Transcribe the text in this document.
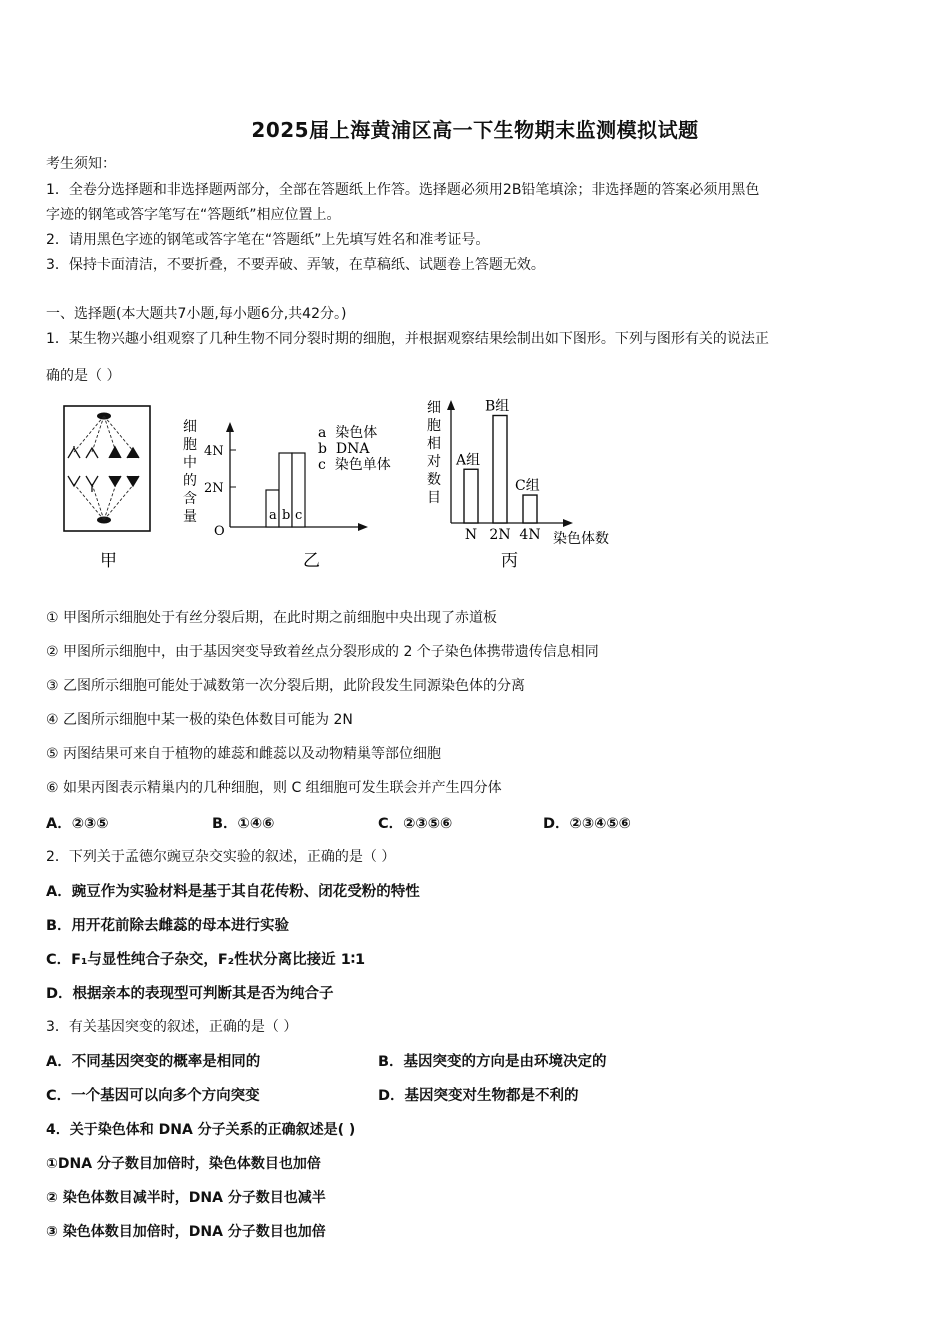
2025届上海黄浦区高一下生物期末监测模拟试题
考生须知：
1．全卷分选择题和非选择题两部分，全部在答题纸上作答。选择题必须用2B铅笔填涂；非选择题的答案必须用黑色
字迹的钢笔或答字笔写在“答题纸”相应位置上。
2．请用黑色字迹的钢笔或答字笔在“答题纸”上先填写姓名和准考证号。
3．保持卡面清洁，不要折叠，不要弄破、弄皱，在草稿纸、试题卷上答题无效。
一、选择题(本大题共7小题,每小题6分,共42分。)
1．某生物兴趣小组观察了几种生物不同分裂时期的细胞，并根据观察结果绘制出如下图形。下列与图形有关的说法正
确的是（ ）
甲
细
胞
中
的
含
量
4N
2N
O
a b c
a  染色体
b  DNA
c  染色单体
乙
细
胞
相
对
数
目
A组
N
B组
2N
C组
4N 染色体数
丙
① 甲图所示细胞处于有丝分裂后期，在此时期之前细胞中央出现了赤道板
② 甲图所示细胞中，由于基因突变导致着丝点分裂形成的 2 个子染色体携带遗传信息相同
③ 乙图所示细胞可能处于减数第一次分裂后期，此阶段发生同源染色体的分离
④ 乙图所示细胞中某一极的染色体数目可能为 2N
⑤ 丙图结果可来自于植物的雄蕊和雌蕊以及动物精巢等部位细胞
⑥ 如果丙图表示精巢内的几种细胞，则 C 组细胞可发生联会并产生四分体
A．②③⑤	B．①④⑥	C．②③⑤⑥	D．②③④⑤⑥
2．下列关于孟德尔豌豆杂交实验的叙述，正确的是（ ）
A．豌豆作为实验材料是基于其自花传粉、闭花受粉的特性
B．用开花前除去雌蕊的母本进行实验
C．F₁与显性纯合子杂交，F₂性状分离比接近 1∶1
D．根据亲本的表现型可判断其是否为纯合子
3．有关基因突变的叙述，正确的是（ ）
A．不同基因突变的概率是相同的	B．基因突变的方向是由环境决定的
C．一个基因可以向多个方向突变	D．基因突变对生物都是不利的
4．关于染色体和 DNA 分子关系的正确叙述是( )
①DNA 分子数目加倍时，染色体数目也加倍
② 染色体数目减半时，DNA 分子数目也减半
③ 染色体数目加倍时，DNA 分子数目也加倍
